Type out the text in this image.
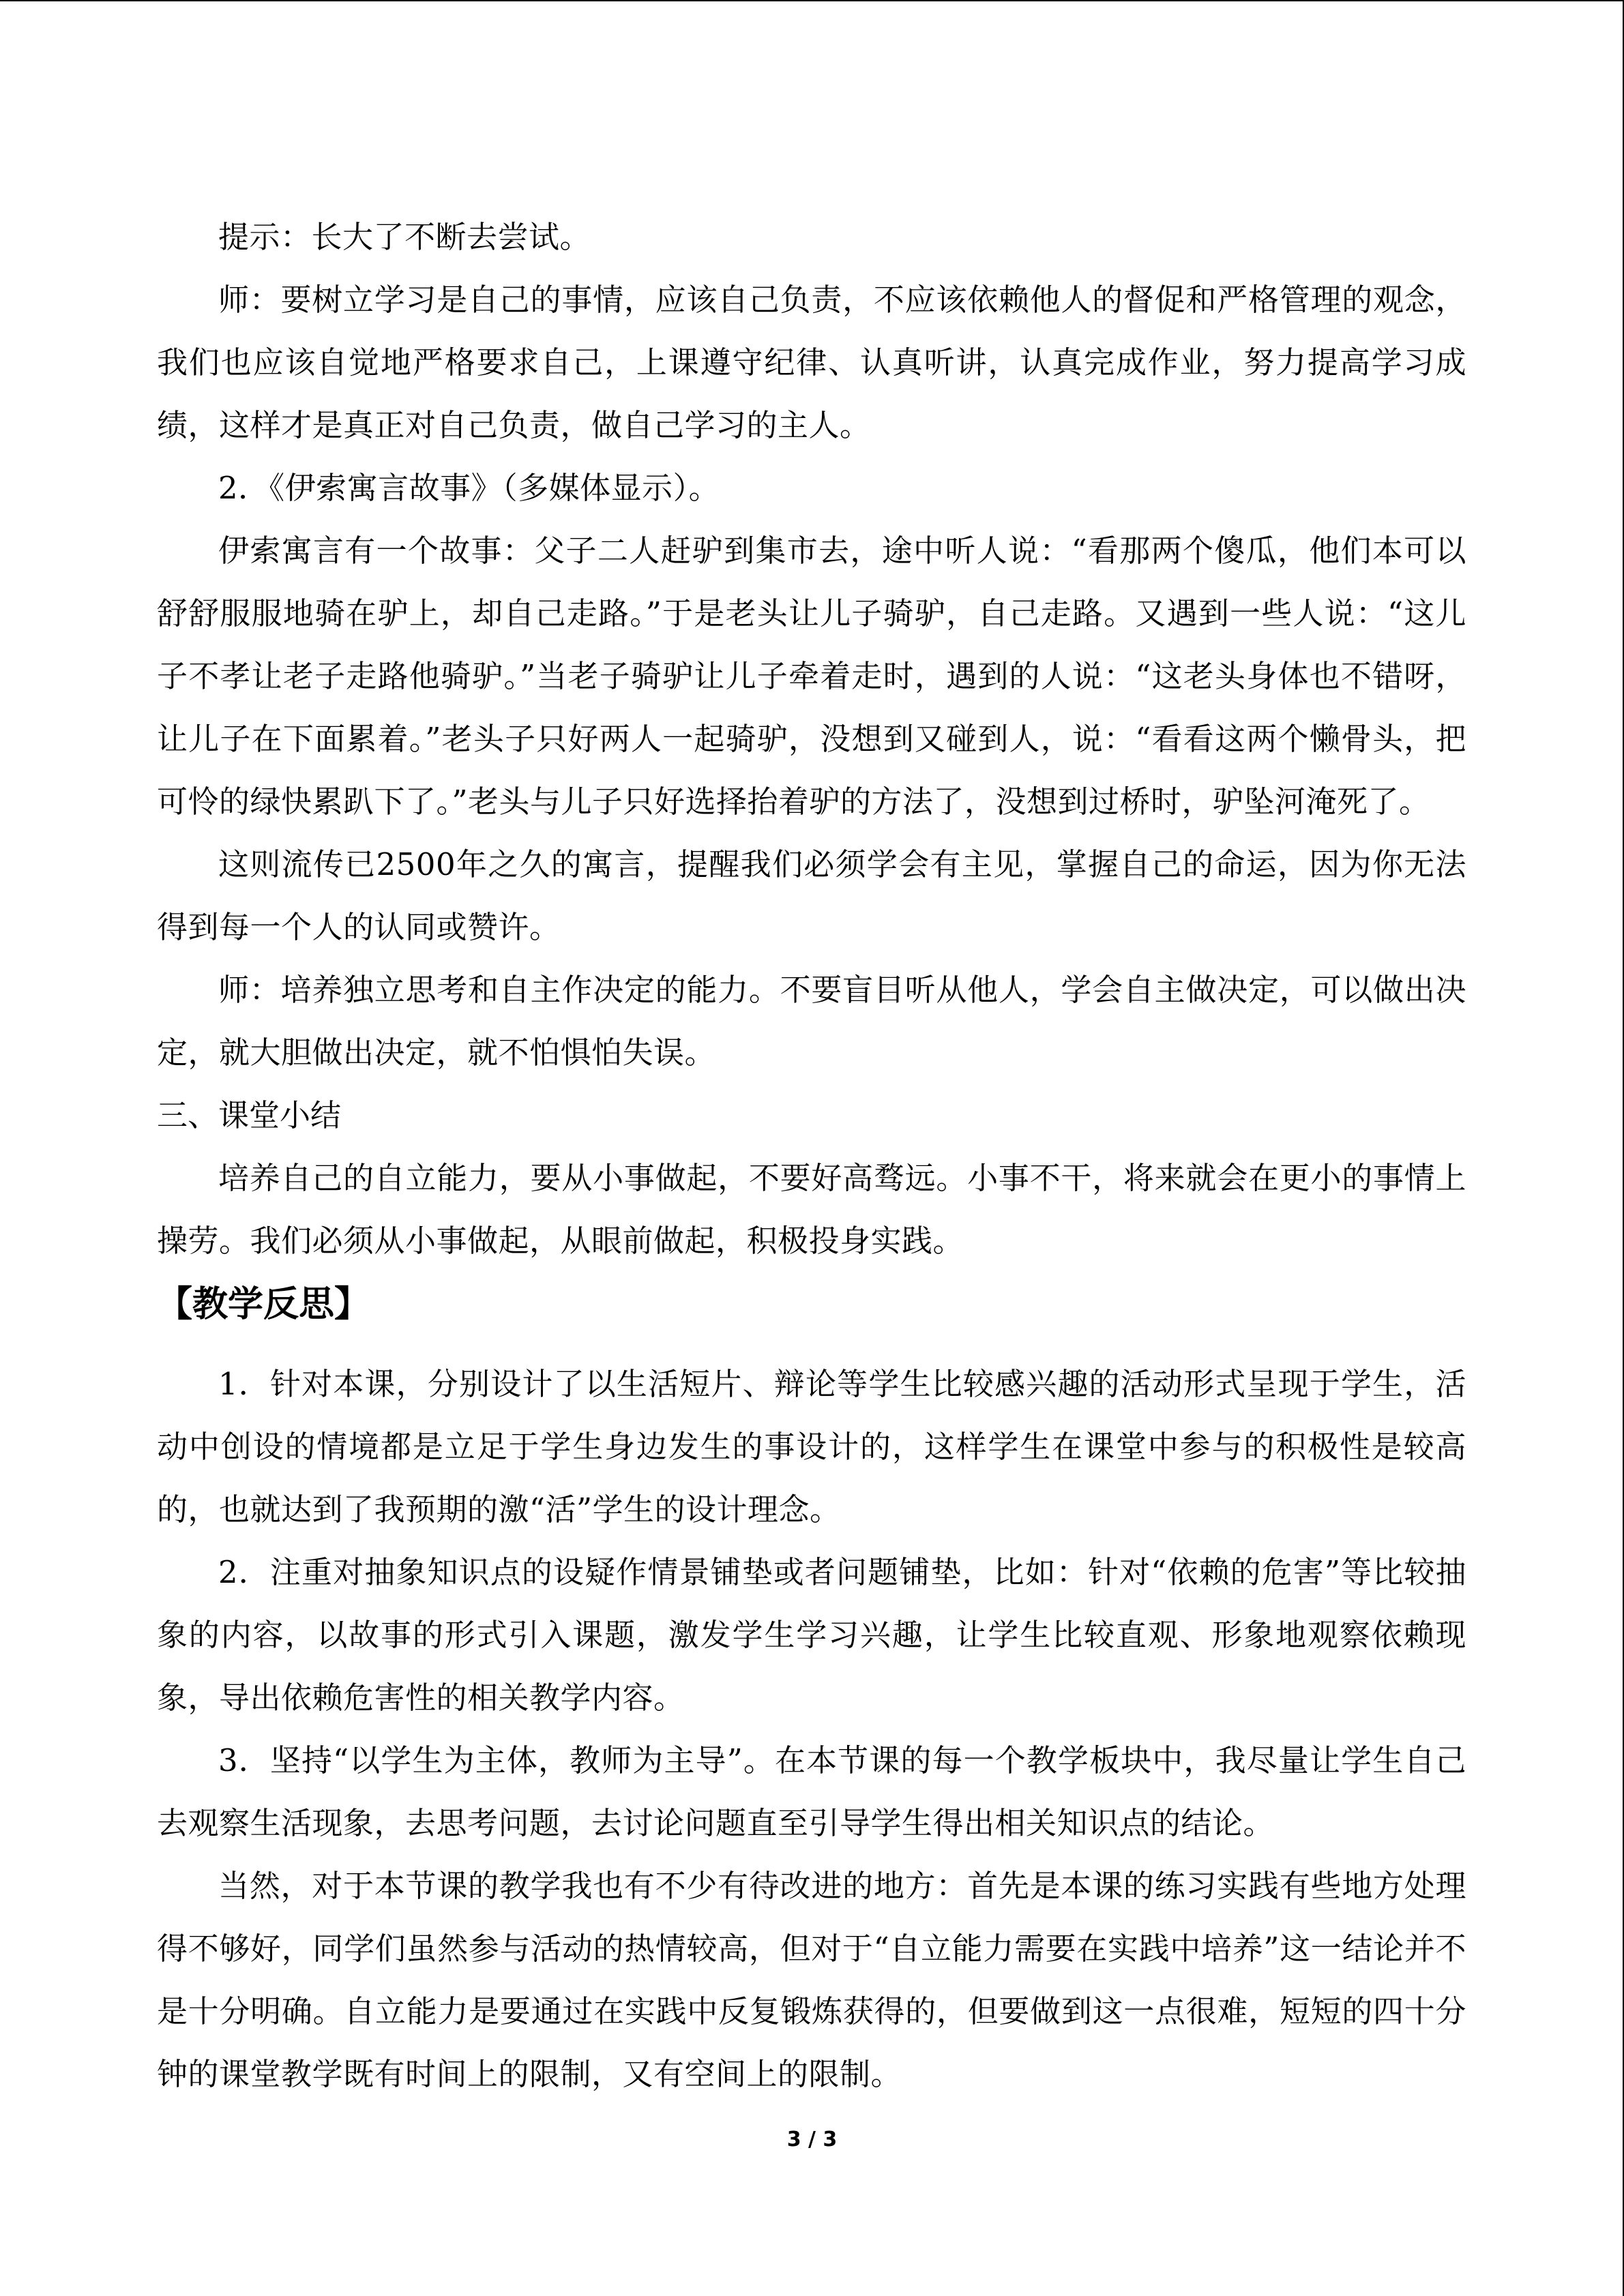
提示：长大了不断去尝试。

师：要树立学习是自己的事情，应该自己负责，不应该依赖他人的督促和严格管理的观念，我们也应该自觉地严格要求自己，上课遵守纪律、认真听讲，认真完成作业，努力提高学习成绩，这样才是真正对自己负责，做自己学习的主人。

2．《伊索寓言故事》（多媒体显示）。

伊索寓言有一个故事：父子二人赶驴到集市去，途中听人说：“看那两个傻瓜，他们本可以舒舒服服地骑在驴上，却自己走路。”于是老头让儿子骑驴，自己走路。又遇到一些人说：“这儿子不孝让老子走路他骑驴。”当老子骑驴让儿子牵着走时，遇到的人说：“这老头身体也不错呀，让儿子在下面累着。”老头子只好两人一起骑驴，没想到又碰到人，说：“看看这两个懒骨头，把可怜的绿快累趴下了。”老头与儿子只好选择抬着驴的方法了，没想到过桥时，驴坠河淹死了。

这则流传已2500年之久的寓言，提醒我们必须学会有主见，掌握自己的命运，因为你无法得到每一个人的认同或赞许。

师：培养独立思考和自主作决定的能力。不要盲目听从他人，学会自主做决定，可以做出决定，就大胆做出决定，就不怕惧怕失误。

三、课堂小结

培养自己的自立能力，要从小事做起，不要好高骛远。小事不干，将来就会在更小的事情上操劳。我们必须从小事做起，从眼前做起，积极投身实践。

【教学反思】

1．针对本课，分别设计了以生活短片、辩论等学生比较感兴趣的活动形式呈现于学生，活动中创设的情境都是立足于学生身边发生的事设计的，这样学生在课堂中参与的积极性是较高的，也就达到了我预期的激“活”学生的设计理念。

2．注重对抽象知识点的设疑作情景铺垫或者问题铺垫，比如：针对“依赖的危害”等比较抽象的内容，以故事的形式引入课题，激发学生学习兴趣，让学生比较直观、形象地观察依赖现象，导出依赖危害性的相关教学内容。

3．坚持“以学生为主体，教师为主导”。在本节课的每一个教学板块中，我尽量让学生自己去观察生活现象，去思考问题，去讨论问题直至引导学生得出相关知识点的结论。

当然，对于本节课的教学我也有不少有待改进的地方：首先是本课的练习实践有些地方处理得不够好，同学们虽然参与活动的热情较高，但对于“自立能力需要在实践中培养”这一结论并不是十分明确。自立能力是要通过在实践中反复锻炼获得的，但要做到这一点很难，短短的四十分钟的课堂教学既有时间上的限制，又有空间上的限制。

3 / 3
